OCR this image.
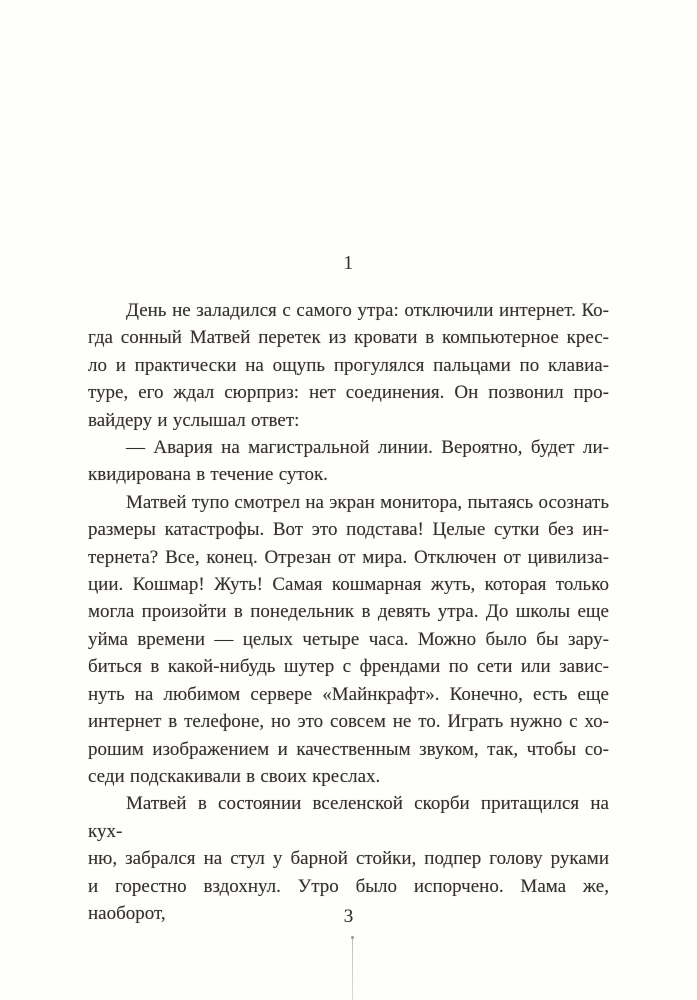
1
День не заладился с самого утра: отключили интернет. Ко-
гда сонный Матвей перетек из кровати в компьютерное крес-
ло и практически на ощупь прогулялся пальцами по клавиа-
туре, его ждал сюрприз: нет соединения. Он позвонил про-
вайдеру и услышал ответ:
— Авария на магистральной линии. Вероятно, будет ли-
квидирована в течение суток.
Матвей тупо смотрел на экран монитора, пытаясь осознать
размеры катастрофы. Вот это подстава! Целые сутки без ин-
тернета? Все, конец. Отрезан от мира. Отключен от цивилиза-
ции. Кошмар! Жуть! Самая кошмарная жуть, которая только
могла произойти в понедельник в девять утра. До школы еще
уйма времени — целых четыре часа. Можно было бы зару-
биться в какой-нибудь шутер с френдами по сети или завис-
нуть на любимом сервере «Майнкрафт». Конечно, есть еще
интернет в телефоне, но это совсем не то. Играть нужно с хо-
рошим изображением и качественным звуком, так, чтобы со-
седи подскакивали в своих креслах.
Матвей в состоянии вселенской скорби притащился на кух-
ню, забрался на стул у барной стойки, подпер голову руками
и горестно вздохнул. Утро было испорчено. Мама же, наоборот,	3
